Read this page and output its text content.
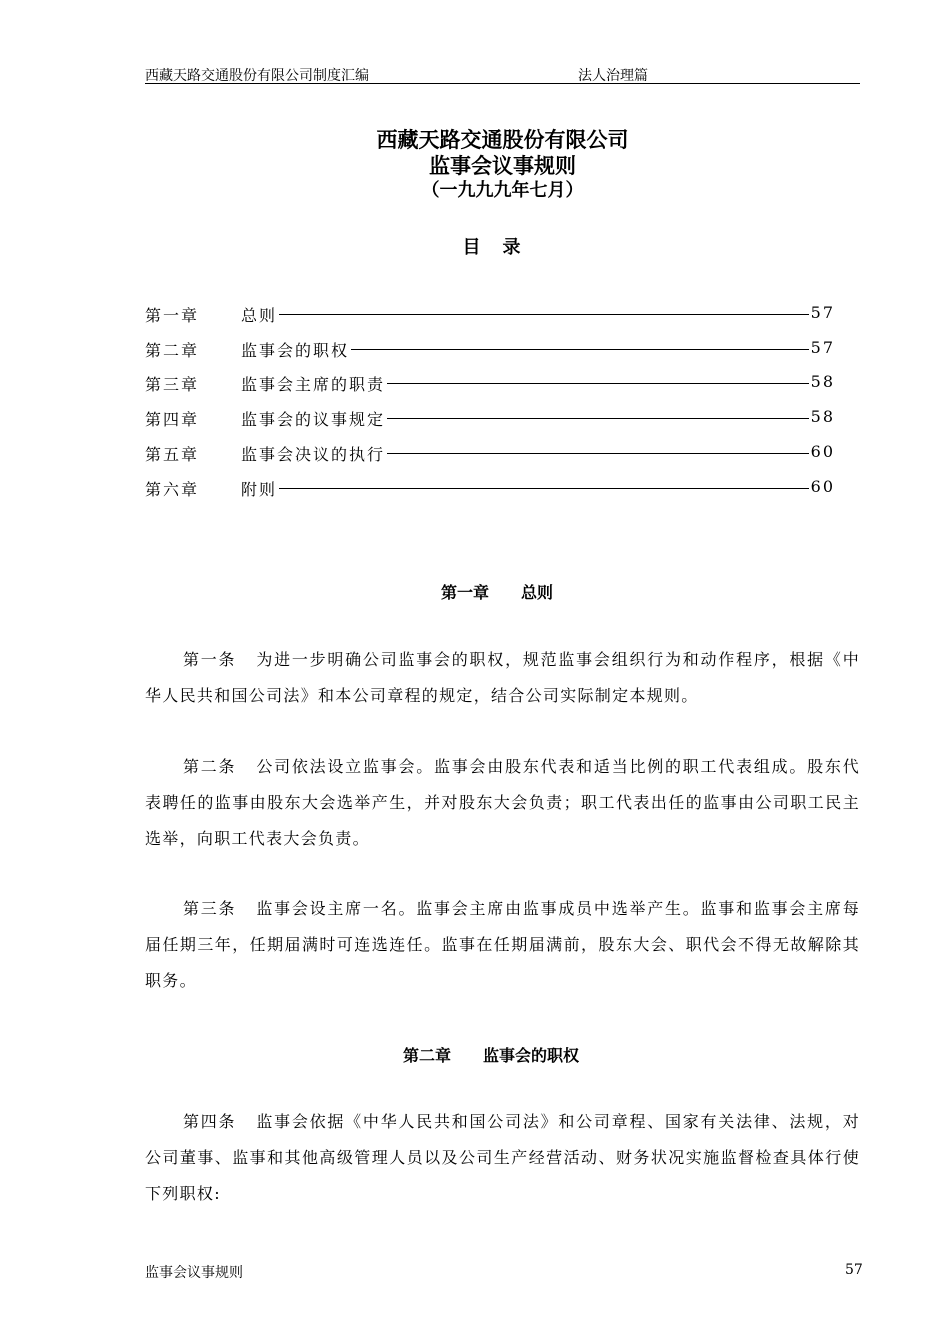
西藏天路交通股份有限公司制度汇编	法人治理篇
西藏天路交通股份有限公司
监事会议事规则
（一九九九年七月）
目录
第一章	总则	57
第二章	监事会的职权	57
第三章	监事会主席的职责	58
第四章	监事会的议事规定	58
第五章	监事会决议的执行	60
第六章	附则	60
第一章 总则
第一条 为进一步明确公司监事会的职权，规范监事会组织行为和动作程序，根据《中华人民共和国公司法》和本公司章程的规定，结合公司实际制定本规则。
第二条 公司依法设立监事会。监事会由股东代表和适当比例的职工代表组成。股东代表聘任的监事由股东大会选举产生，并对股东大会负责；职工代表出任的监事由公司职工民主选举，向职工代表大会负责。
第三条 监事会设主席一名。监事会主席由监事成员中选举产生。监事和监事会主席每届任期三年，任期届满时可连选连任。监事在任期届满前，股东大会、职代会不得无故解除其职务。
第二章 监事会的职权
第四条 监事会依据《中华人民共和国公司法》和公司章程、国家有关法律、法规，对公司董事、监事和其他高级管理人员以及公司生产经营活动、财务状况实施监督检查具体行使下列职权:
监事会议事规则	57
